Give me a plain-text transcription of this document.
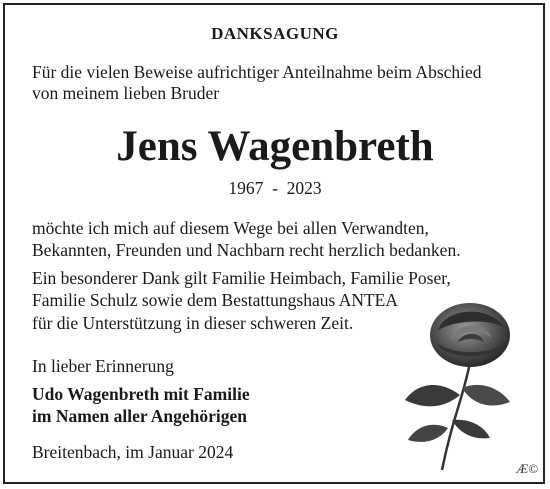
DANKSAGUNG
Für die vielen Beweise aufrichtiger Anteilnahme beim Abschied
von meinem lieben Bruder
Jens Wagenbreth
1967  -  2023
möchte ich mich auf diesem Wege bei allen Verwandten,
Bekannten, Freunden und Nachbarn recht herzlich bedanken.
Ein besonderer Dank gilt Familie Heimbach, Familie Poser,
Familie Schulz sowie dem Bestattungshaus ANTEA
für die Unterstützung in dieser schweren Zeit.
In lieber Erinnerung
Udo Wagenbreth mit Familie
im Namen aller Angehörigen
Breitenbach, im Januar 2024
Æ©
